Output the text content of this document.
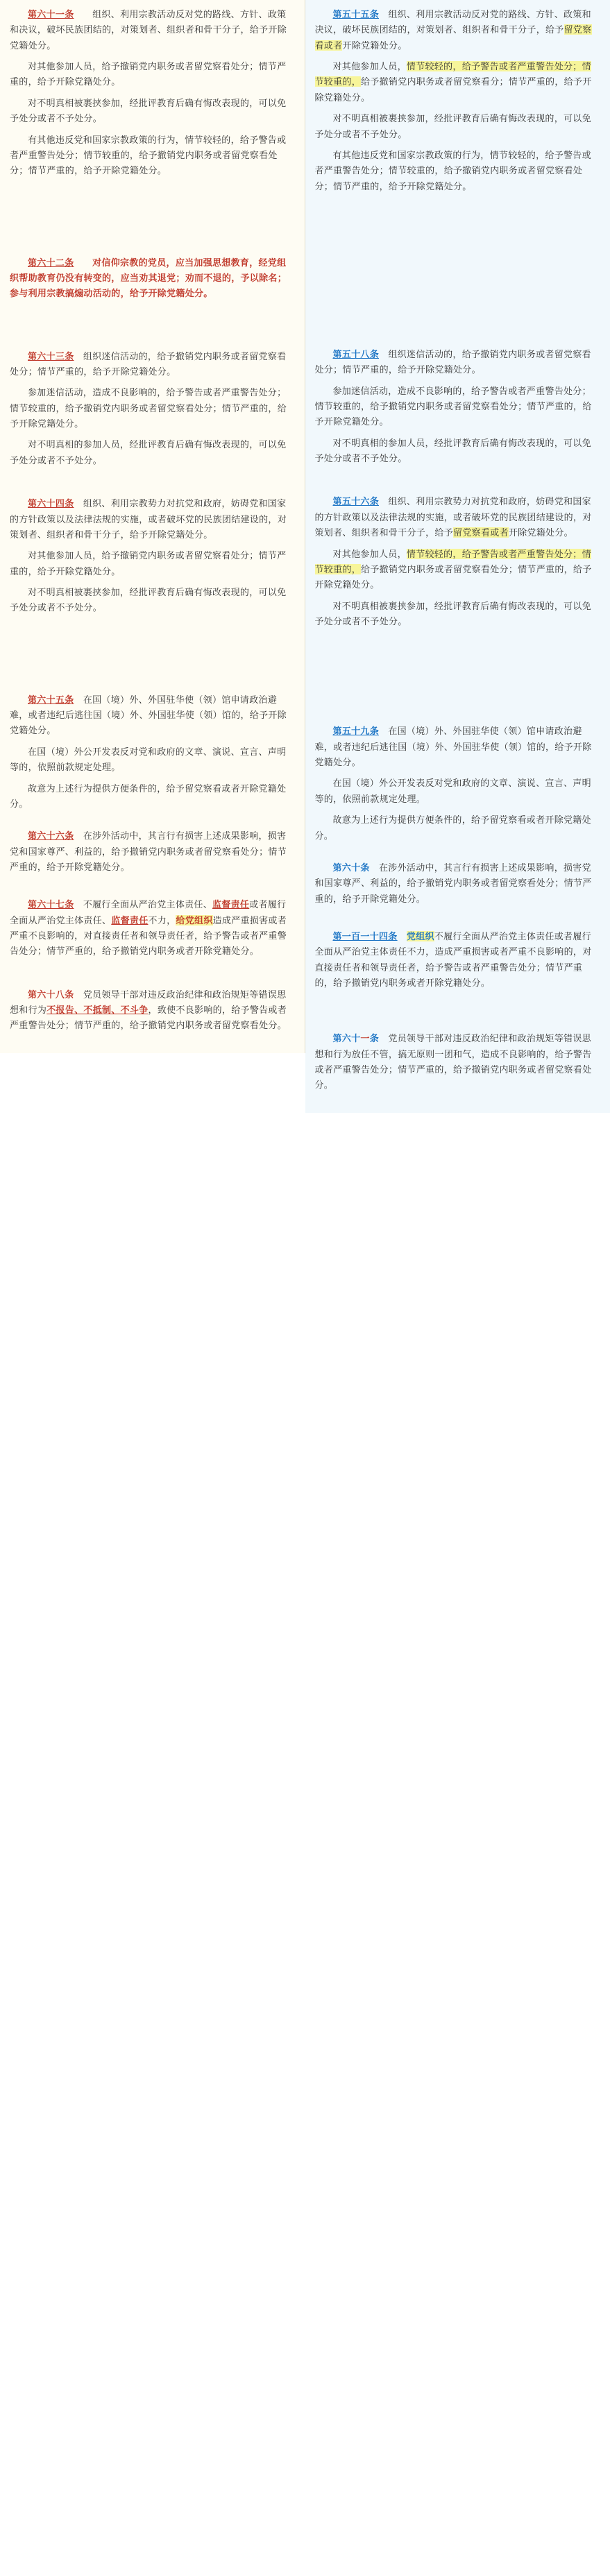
第六十一条　　组织、利用宗教活动反对党的路线、方针、政策和决议，破坏民族团结的，对策划者、组织者和骨干分子，给予开除党籍处分。

对其他参加人员，给予撤销党内职务或者留党察看处分；情节严重的，给予开除党籍处分。

对不明真相被裹挟参加，经批评教育后确有悔改表现的，可以免予处分或者不予处分。

有其他违反党和国家宗教政策的行为，情节较轻的，给予警告或者严重警告处分；情节较重的，给予撤销党内职务或者留党察看处分；情节严重的，给予开除党籍处分。

第六十二条　　对信仰宗教的党员，应当加强思想教育，经党组织帮助教育仍没有转变的，应当劝其退党；劝而不退的，予以除名；参与利用宗教搞煽动活动的，给予开除党籍处分。

第六十三条　组织迷信活动的，给予撤销党内职务或者留党察看处分；情节严重的，给予开除党籍处分。

参加迷信活动，造成不良影响的，给予警告或者严重警告处分；情节较重的，给予撤销党内职务或者留党察看处分；情节严重的，给予开除党籍处分。

对不明真相的参加人员，经批评教育后确有悔改表现的，可以免予处分或者不予处分。

第六十四条　组织、利用宗教势力对抗党和政府，妨碍党和国家的方针政策以及法律法规的实施，或者破坏党的民族团结建设的，对策划者、组织者和骨干分子，给予开除党籍处分。

对其他参加人员，给予撤销党内职务或者留党察看处分；情节严重的，给予开除党籍处分。

对不明真相被裹挟参加，经批评教育后确有悔改表现的，可以免予处分或者不予处分。

第六十五条　在国（境）外、外国驻华使（领）馆申请政治避难，或者违纪后逃往国（境）外、外国驻华使（领）馆的，给予开除党籍处分。

在国（境）外公开发表反对党和政府的文章、演说、宣言、声明等的，依照前款规定处理。

故意为上述行为提供方便条件的，给予留党察看或者开除党籍处分。

第六十六条　在涉外活动中，其言行有损害上述成果影响，损害党和国家尊严、利益的，给予撤销党内职务或者留党察看处分；情节严重的，给予开除党籍处分。

第六十七条　不履行全面从严治党主体责任、监督责任或者履行全面从严治党主体责任、监督责任不力，给党组织造成严重损害或者严重不良影响的，对直接责任者和领导责任者，给予警告或者严重警告处分；情节严重的，给予撤销党内职务或者开除党籍处分。

第六十八条　党员领导干部对违反政治纪律和政治规矩等错误思想和行为不报告、不抵制、不斗争，致使不良影响的，给予警告或者严重警告处分；情节严重的，给予撤销党内职务或者留党察看处分。

第五十五条　组织、利用宗教活动反对党的路线、方针、政策和决议，破坏民族团结的，对策划者、组织者和骨干分子，给予留党察看或者开除党籍处分。

对其他参加人员，情节较轻的，给予警告或者严重警告处分；情节较重的，给予撤销党内职务或者留党察看分；情节严重的，给予开除党籍处分。

对不明真相被裹挟参加，经批评教育后确有悔改表现的，可以免予处分或者不予处分。

有其他违反党和国家宗教政策的行为，情节较轻的，给予警告或者严重警告处分；情节较重的，给予撤销党内职务或者留党察看处分；情节严重的，给予开除党籍处分。

第五十八条　组织迷信活动的，给予撤销党内职务或者留党察看处分；情节严重的，给予开除党籍处分。

参加迷信活动，造成不良影响的，给予警告或者严重警告处分；情节较重的，给予撤销党内职务或者留党察看处分；情节严重的，给予开除党籍处分。

对不明真相的参加人员，经批评教育后确有悔改表现的，可以免予处分或者不予处分。

第五十六条　组织、利用宗教势力对抗党和政府，妨碍党和国家的方针政策以及法律法规的实施，或者破坏党的民族团结建设的，对策划者、组织者和骨干分子，给予留党察看或者开除党籍处分。

对其他参加人员，情节较轻的，给予警告或者严重警告处分；情节较重的，给予撤销党内职务或者留党察看处分；情节严重的，给予开除党籍处分。

对不明真相被裹挟参加，经批评教育后确有悔改表现的，可以免予处分或者不予处分。

第五十九条　在国（境）外、外国驻华使（领）馆申请政治避难，或者违纪后逃往国（境）外、外国驻华使（领）馆的，给予开除党籍处分。

在国（境）外公开发表反对党和政府的文章、演说、宣言、声明等的，依照前款规定处理。

故意为上述行为提供方便条件的，给予留党察看或者开除党籍处分。

第六十条　在涉外活动中，其言行有损害上述成果影响，损害党和国家尊严、利益的，给予撤销党内职务或者留党察看处分；情节严重的，给予开除党籍处分。

第一百一十四条　 党组织不履行全面从严治党主体责任或者履行全面从严治党主体责任不力，造成严重损害或者严重不良影响的，对直接责任者和领导责任者，给予警告或者严重警告处分；情节严重的，给予撤销党内职务或者开除党籍处分。

第六十一条　党员领导干部对违反政治纪律和政治规矩等错误思想和行为放任不管，搞无原则一团和气，造成不良影响的，给予警告或者严重警告处分；情节严重的，给予撤销党内职务或者留党察看处分。
